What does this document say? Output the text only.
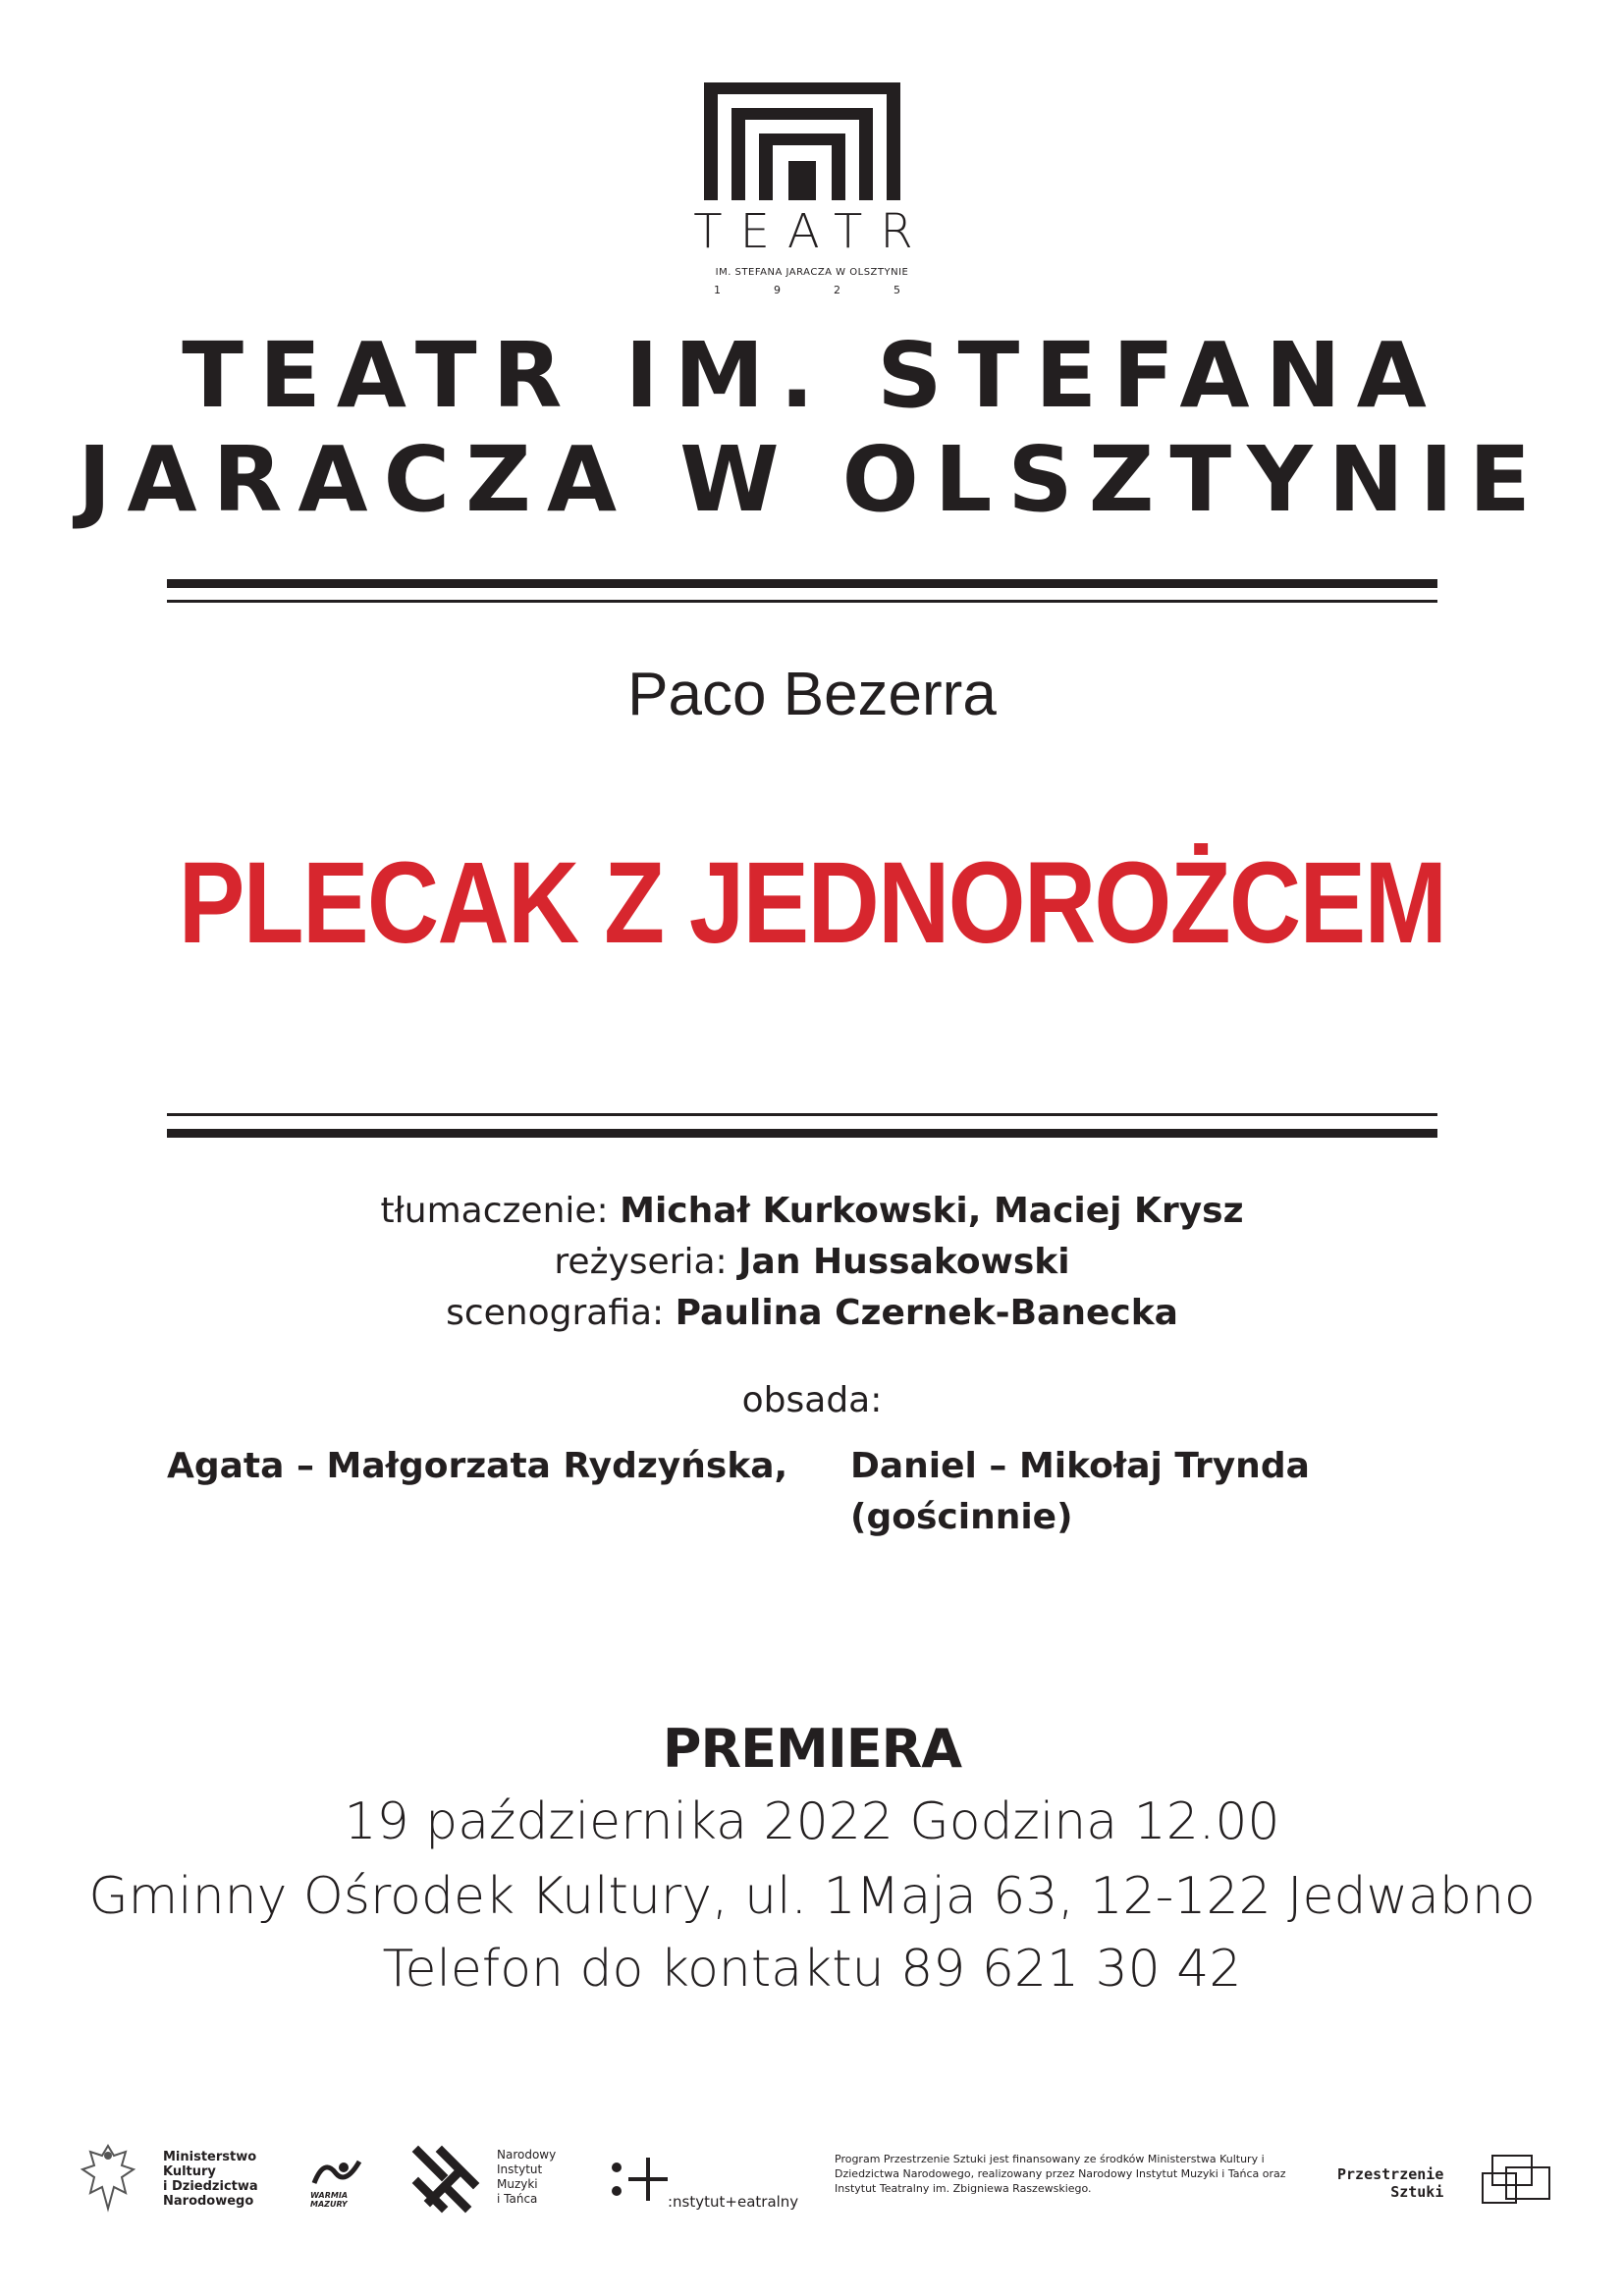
TEATR
IM. STEFANA JARACZA W OLSZTYNIE
1	9	2	5
TEATR IM. STEFANA
JARACZA W OLSZTYNIE
Paco Bezerra
PLECAK Z JEDNOROŻCEM
tłumaczenie: Michał Kurkowski, Maciej Krysz
reżyseria: Jan Hussakowski
scenografia: Paulina Czernek-Banecka
obsada:
Agata – Małgorzata Rydzyńska, Daniel – Mikołaj Trynda
(gościnnie)
PREMIERA
19 października 2022 Godzina 12.00
Gminny Ośrodek Kultury, ul. 1Maja 63, 12-122 Jedwabno
Telefon do kontaktu 89 621 30 42
Ministerstwo
Kultury
i Dziedzictwa
Narodowego	WARMIA
MAZURY
Narodowy
Instytut
Muzyki
i Tańca	:nstytut+eatralny
Program Przestrzenie Sztuki jest finansowany ze środków Ministerstwa Kultury i Dziedzictwa Narodowego, realizowany przez Narodowy Instytut Muzyki i Tańca oraz Instytut Teatralny im. Zbigniewa Raszewskiego.
Przestrzenie
Sztuki
